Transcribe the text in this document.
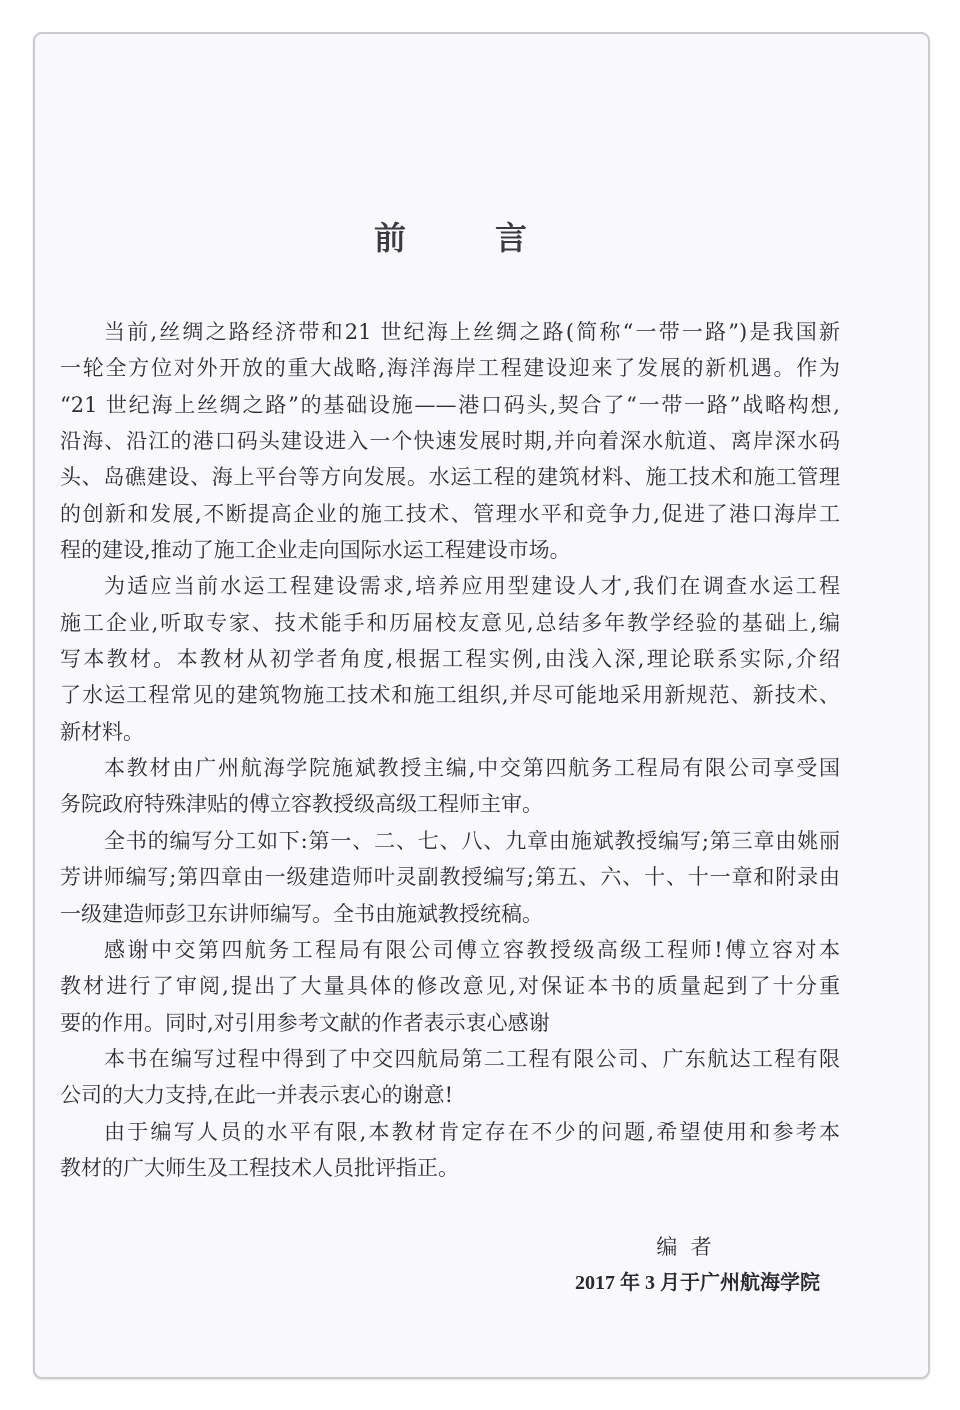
前	言
当前,丝绸之路经济带和21 世纪海上丝绸之路(简称“一带一路”)是我国新
一轮全方位对外开放的重大战略,海洋海岸工程建设迎来了发展的新机遇。作为
“21 世纪海上丝绸之路”的基础设施——港口码头,契合了“一带一路”战略构想,
沿海、沿江的港口码头建设进入一个快速发展时期,并向着深水航道、离岸深水码
头、岛礁建设、海上平台等方向发展。水运工程的建筑材料、施工技术和施工管理
的创新和发展,不断提高企业的施工技术、管理水平和竞争力,促进了港口海岸工
程的建设,推动了施工企业走向国际水运工程建设市场。
为适应当前水运工程建设需求,培养应用型建设人才,我们在调查水运工程
施工企业,听取专家、技术能手和历届校友意见,总结多年教学经验的基础上,编
写本教材。本教材从初学者角度,根据工程实例,由浅入深,理论联系实际,介绍
了水运工程常见的建筑物施工技术和施工组织,并尽可能地采用新规范、新技术、
新材料。
本教材由广州航海学院施斌教授主编,中交第四航务工程局有限公司享受国
务院政府特殊津贴的傅立容教授级高级工程师主审。
全书的编写分工如下:第一、二、七、八、九章由施斌教授编写;第三章由姚丽
芳讲师编写;第四章由一级建造师叶灵副教授编写;第五、六、十、十一章和附录由
一级建造师彭卫东讲师编写。全书由施斌教授统稿。
感谢中交第四航务工程局有限公司傅立容教授级高级工程师!傅立容对本
教材进行了审阅,提出了大量具体的修改意见,对保证本书的质量起到了十分重
要的作用。同时,对引用参考文献的作者表示衷心感谢
本书在编写过程中得到了中交四航局第二工程有限公司、广东航达工程有限
公司的大力支持,在此一并表示衷心的谢意!
由于编写人员的水平有限,本教材肯定存在不少的问题,希望使用和参考本
教材的广大师生及工程技术人员批评指正。
编  者
2017 年 3 月于广州航海学院
